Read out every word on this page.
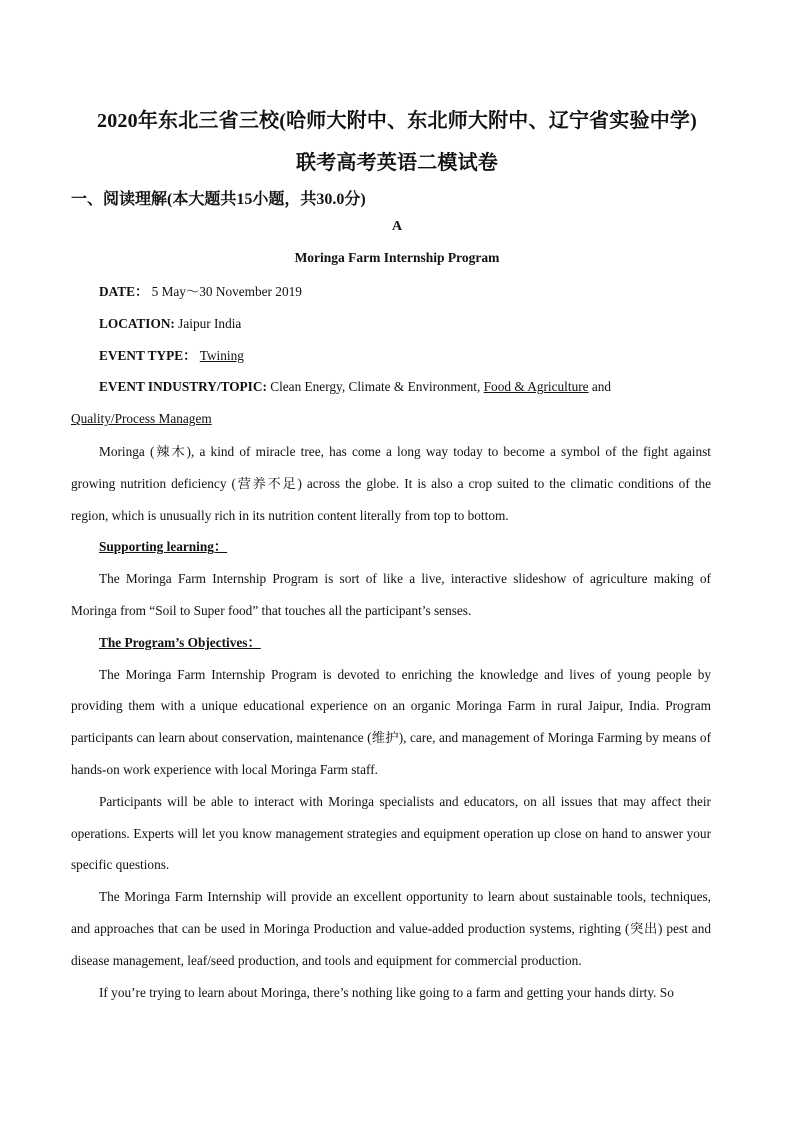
2020年东北三省三校(哈师大附中、东北师大附中、辽宁省实验中学)
联考高考英语二模试卷
一、阅读理解(本大题共15小题，共30.0分)
A
Moringa Farm Internship Program

DATE： 5 May～30 November 2019

LOCATION: Jaipur India

EVENT TYPE： Twining

EVENT INDUSTRY/TOPIC: Clean Energy, Climate & Environment, Food & Agriculture and

Quality/Process Managem

Moringa (辣木), a kind of miracle tree, has come a long way today to become a symbol of the fight against growing nutrition deficiency (营养不足) across the globe. It is also a crop suited to the climatic conditions of the region, which is unusually rich in its nutrition content literally from top to bottom.

Supporting learning：

The Moringa Farm Internship Program is sort of like a live, interactive slideshow of agriculture making of Moringa from “Soil to Super food” that touches all the participant’s senses.

The Program’s Objectives：

The Moringa Farm Internship Program is devoted to enriching the knowledge and lives of young people by providing them with a unique educational experience on an organic Moringa Farm in rural Jaipur, India. Program participants can learn about conservation, maintenance (维护), care, and management of Moringa Farming by means of hands-on work experience with local Moringa Farm staff.

Participants will be able to interact with Moringa specialists and educators, on all issues that may affect their operations. Experts will let you know management strategies and equipment operation up close on hand to answer your specific questions.

The Moringa Farm Internship will provide an excellent opportunity to learn about sustainable tools, techniques, and approaches that can be used in Moringa Production and value-added production systems, righting (突出) pest and disease management, leaf/seed production, and tools and equipment for commercial production.

If you’re trying to learn about Moringa, there’s nothing like going to a farm and getting your hands dirty. So
